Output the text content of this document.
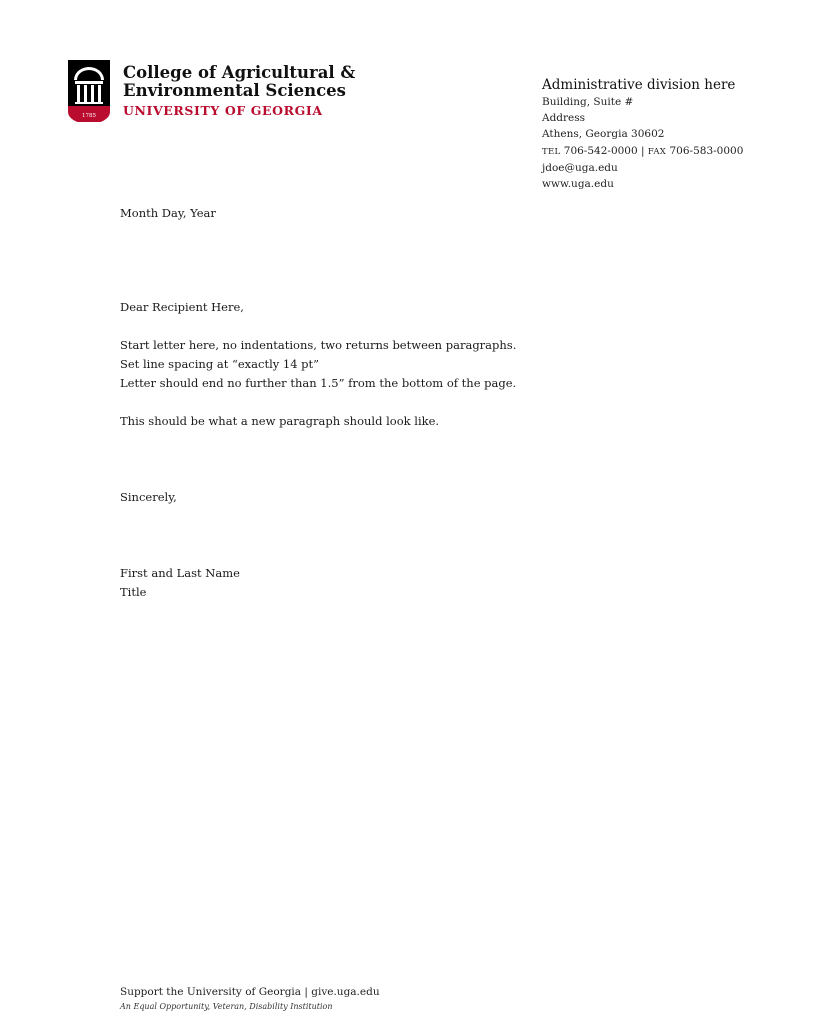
1785
College of Agricultural &
Environmental Sciences
UNIVERSITY OF GEORGIA
Administrative division here
Building, Suite #
Address
Athens, Georgia 30602
TEL 706-542-0000 | FAX 706-583-0000
jdoe@uga.edu
www.uga.edu

Month Day, Year

Dear Recipient Here,

Start letter here, no indentations, two returns between paragraphs.
Set line spacing at “exactly 14 pt”
Letter should end no further than 1.5” from the bottom of the page.

This should be what a new paragraph should look like.

Sincerely,

First and Last Name
Title
Support the University of Georgia | give.uga.edu
An Equal Opportunity, Veteran, Disability Institution
